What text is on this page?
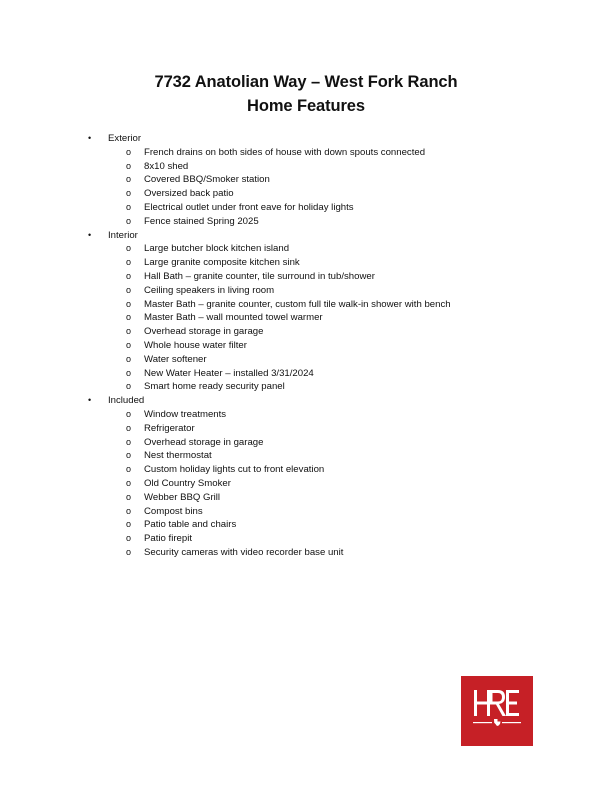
7732 Anatolian Way – West Fork Ranch
Home Features
•	Exterior
o French drains on both sides of house with down spouts connected
o 8x10 shed
o Covered BBQ/Smoker station
o Oversized back patio
o Electrical outlet under front eave for holiday lights
o Fence stained Spring 2025
•	Interior
o Large butcher block kitchen island
o Large granite composite kitchen sink
o Hall Bath – granite counter, tile surround in tub/shower
o Ceiling speakers in living room
o Master Bath – granite counter, custom full tile walk-in shower with bench
o Master Bath – wall mounted towel warmer
o Overhead storage in garage
o Whole house water filter
o Water softener
o New Water Heater – installed 3/31/2024
o Smart home ready security panel
•	Included
o Window treatments
o Refrigerator
o Overhead storage in garage
o Nest thermostat
o Custom holiday lights cut to front elevation
o Old Country Smoker
o Webber BBQ Grill
o Compost bins
o Patio table and chairs
o Patio firepit
o Security cameras with video recorder base unit
